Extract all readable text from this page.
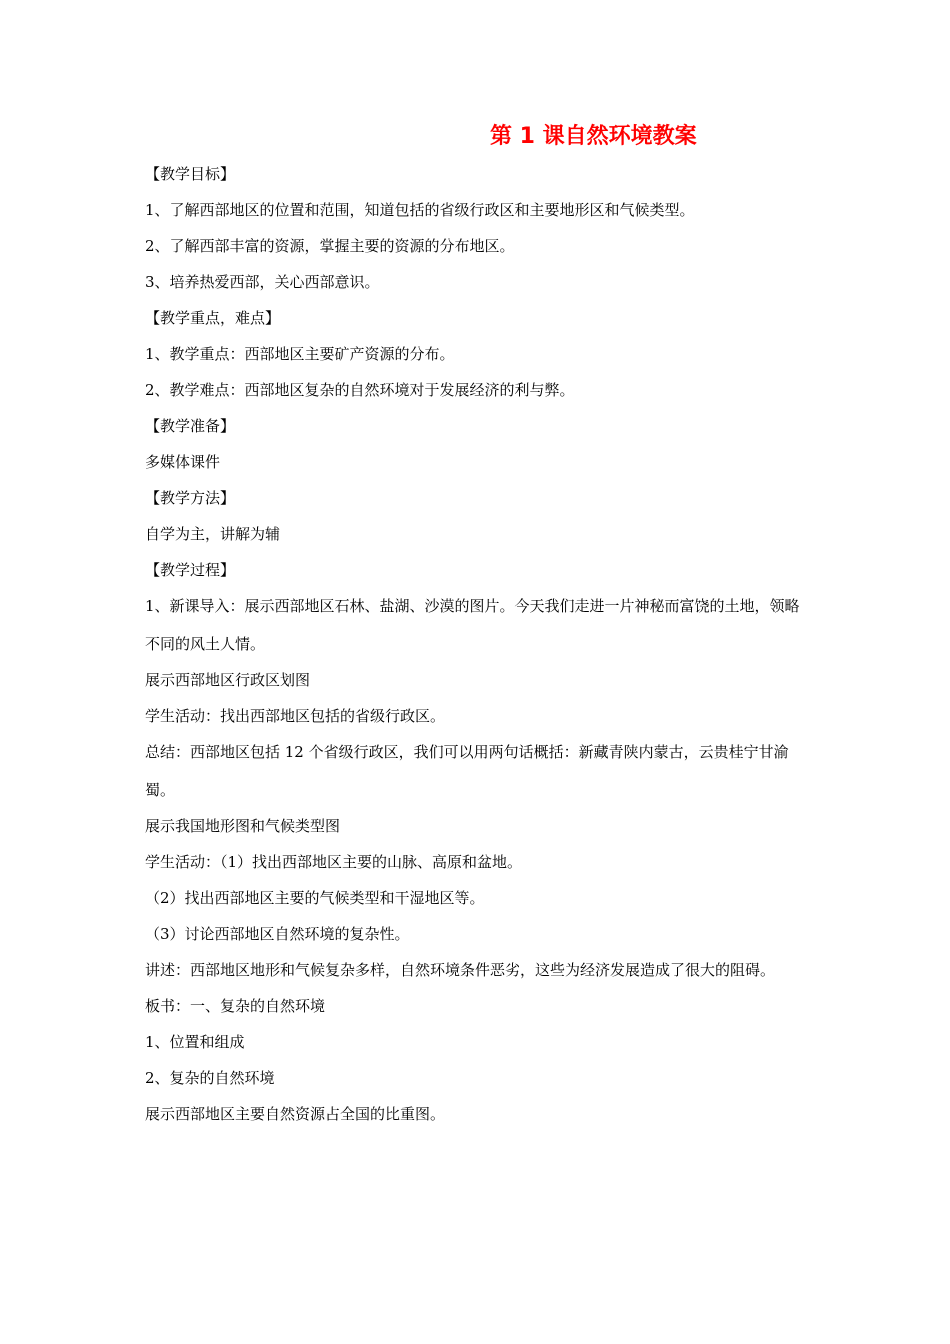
第 1 课自然环境教案

【教学目标】

1、了解西部地区的位置和范围，知道包括的省级行政区和主要地形区和气候类型。

2、了解西部丰富的资源，掌握主要的资源的分布地区。

3、培养热爱西部，关心西部意识。

【教学重点，难点】

1、教学重点：西部地区主要矿产资源的分布。

2、教学难点：西部地区复杂的自然环境对于发展经济的利与弊。

【教学准备】

多媒体课件

【教学方法】

自学为主，讲解为辅

【教学过程】

1、新课导入：展示西部地区石林、盐湖、沙漠的图片。今天我们走进一片神秘而富饶的土地，领略不同的风土人情。

展示西部地区行政区划图

学生活动：找出西部地区包括的省级行政区。

总结：西部地区包括 12 个省级行政区，我们可以用两句话概括：新藏青陕内蒙古，云贵桂宁甘渝蜀。

展示我国地形图和气候类型图

学生活动：（1）找出西部地区主要的山脉、高原和盆地。

（2）找出西部地区主要的气候类型和干湿地区等。

（3）讨论西部地区自然环境的复杂性。

讲述：西部地区地形和气候复杂多样，自然环境条件恶劣，这些为经济发展造成了很大的阻碍。

板书：一、复杂的自然环境

1、位置和组成

2、复杂的自然环境

展示西部地区主要自然资源占全国的比重图。
